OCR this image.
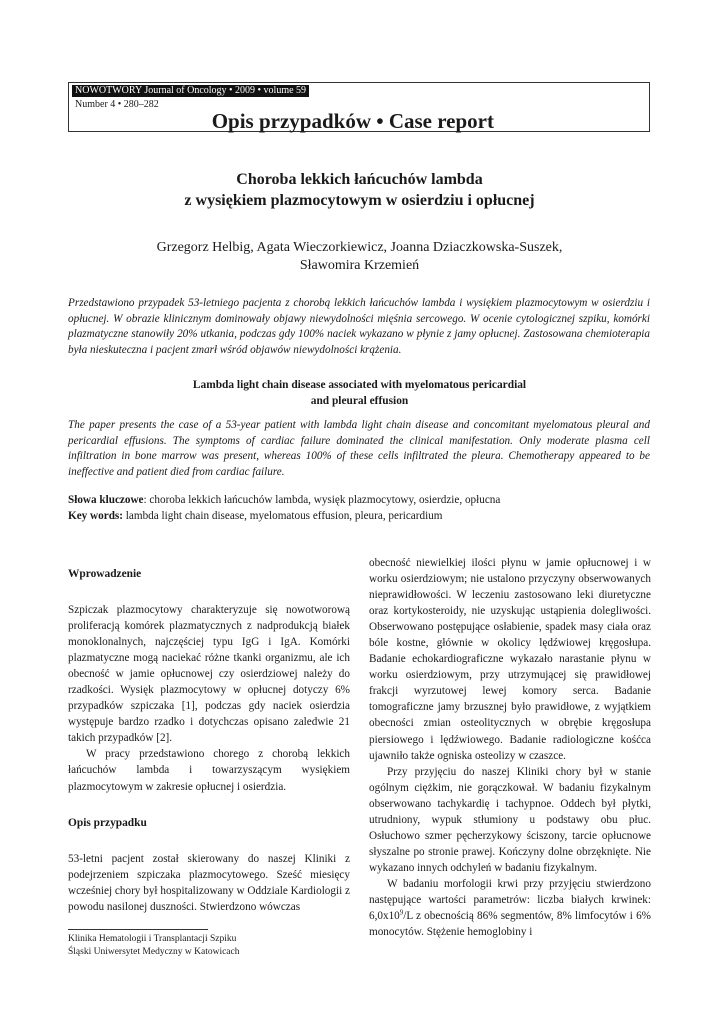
NOWOTWORY Journal of Oncology • 2009 • volume 59
Number 4 • 280–282
Opis przypadków • Case report
Choroba lekkich łańcuchów lambda
z wysiękiem plazmocytowym w osierdziu i opłucnej
Grzegorz Helbig, Agata Wieczorkiewicz, Joanna Dziaczkowska-Suszek,
Sławomira Krzemień
Przedstawiono przypadek 53-letniego pacjenta z chorobą lekkich łańcuchów lambda i wysiękiem plazmocytowym w osierdziu i opłucnej. W obrazie klinicznym dominowały objawy niewydolności mięśnia sercowego. W ocenie cytologicznej szpiku, komórki plazmatyczne stanowiły 20% utkania, podczas gdy 100% naciek wykazano w płynie z jamy opłucnej. Zastosowana chemioterapia była nieskuteczna i pacjent zmarł wśród objawów niewydolności krążenia.
Lambda light chain disease associated with myelomatous pericardial
and pleural effusion
The paper presents the case of a 53-year patient with lambda light chain disease and concomitant myelomatous pleural and pericardial effusions. The symptoms of cardiac failure dominated the clinical manifestation. Only moderate plasma cell infiltration in bone marrow was present, whereas 100% of these cells infiltrated the pleura. Chemotherapy appeared to be ineffective and patient died from cardiac failure.
Słowa kluczowe: choroba lekkich łańcuchów lambda, wysięk plazmocytowy, osierdzie, opłucna
Key words: lambda light chain disease, myelomatous effusion, pleura, pericardium
Wprowadzenie

Szpiczak plazmocytowy charakteryzuje się nowotworową proliferacją komórek plazmatycznych z nadprodukcją białek monoklonalnych, najczęściej typu IgG i IgA. Komórki plazmatyczne mogą naciekać różne tkanki organizmu, ale ich obecność w jamie opłucnowej czy osierdziowej należy do rzadkości. Wysięk plazmocytowy w opłucnej dotyczy 6% przypadków szpiczaka [1], podczas gdy naciek osierdzia występuje bardzo rzadko i dotychczas opisano zaledwie 21 takich przypadków [2].

W pracy przedstawiono chorego z chorobą lekkich łańcuchów lambda i towarzyszącym wysiękiem plazmocytowym w zakresie opłucnej i osierdzia.

Opis przypadku

53-letni pacjent został skierowany do naszej Kliniki z podejrzeniem szpiczaka plazmocytowego. Sześć miesięcy wcześniej chory był hospitalizowany w Oddziale Kardiologii z powodu nasilonej duszności. Stwierdzono wówczas

obecność niewielkiej ilości płynu w jamie opłucnowej i w worku osierdziowym; nie ustalono przyczyny obserwowanych nieprawidłowości. W leczeniu zastosowano leki diuretyczne oraz kortykosteroidy, nie uzyskując ustąpienia dolegliwości. Obserwowano postępujące osłabienie, spadek masy ciała oraz bóle kostne, głównie w okolicy lędźwiowej kręgosłupa. Badanie echokardiograficzne wykazało narastanie płynu w worku osierdziowym, przy utrzymującej się prawidłowej frakcji wyrzutowej lewej komory serca. Badanie tomograficzne jamy brzusznej było prawidłowe, z wyjątkiem obecności zmian osteolitycznych w obrębie kręgosłupa piersiowego i lędźwiowego. Badanie radiologiczne kośćca ujawniło także ogniska osteolizy w czaszce.

Przy przyjęciu do naszej Kliniki chory był w stanie ogólnym ciężkim, nie gorączkował. W badaniu fizykalnym obserwowano tachykardię i tachypnoe. Oddech był płytki, utrudniony, wypuk stłumiony u podstawy obu płuc. Osłuchowo szmer pęcherzykowy ściszony, tarcie opłucnowe słyszalne po stronie prawej. Kończyny dolne obrzęknięte. Nie wykazano innych odchyleń w badaniu fizykalnym.

W badaniu morfologii krwi przy przyjęciu stwierdzono następujące wartości parametrów: liczba białych krwinek: $6,0x10^9/L$ z obecnością 86% segmentów, 8% limfocytów i 6% monocytów. Stężenie hemoglobiny i

Klinika Hematologii i Transplantacji Szpiku
Śląski Uniwersytet Medyczny w Katowicach
